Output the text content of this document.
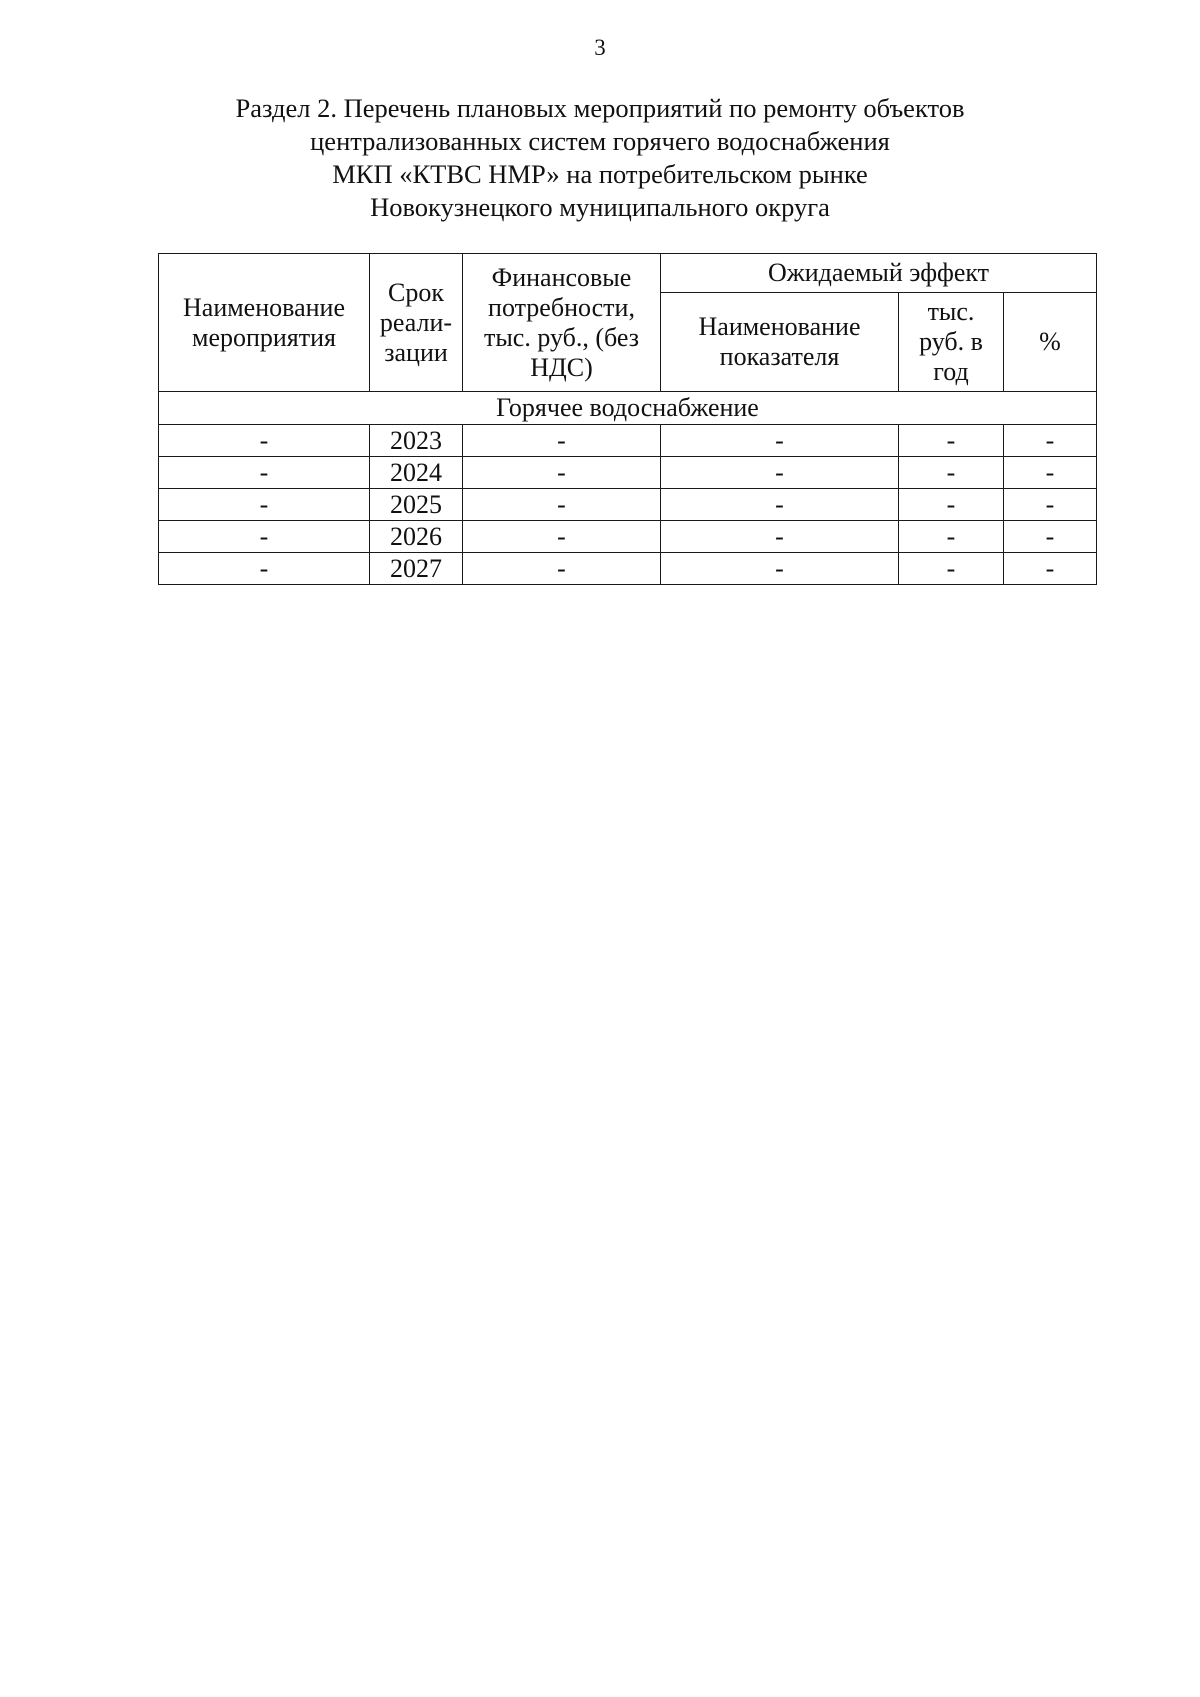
3
Раздел 2. Перечень плановых мероприятий по ремонту объектов
централизованных систем горячего водоснабжения
МКП «КТВС НМР» на потребительском рынке
Новокузнецкого муниципального округа
Наименование мероприятия	Срок реали-зации	Финансовые потребности, тыс. руб., (без НДС)	Ожидаемый эффект		
			Наименование показателя	тыс. руб. в год	%
Горячее водоснабжение					
-	2023	-	-	-	-
-	2024	-	-	-	-
-	2025	-	-	-	-
-	2026	-	-	-	-
-	2027	-	-	-	-
